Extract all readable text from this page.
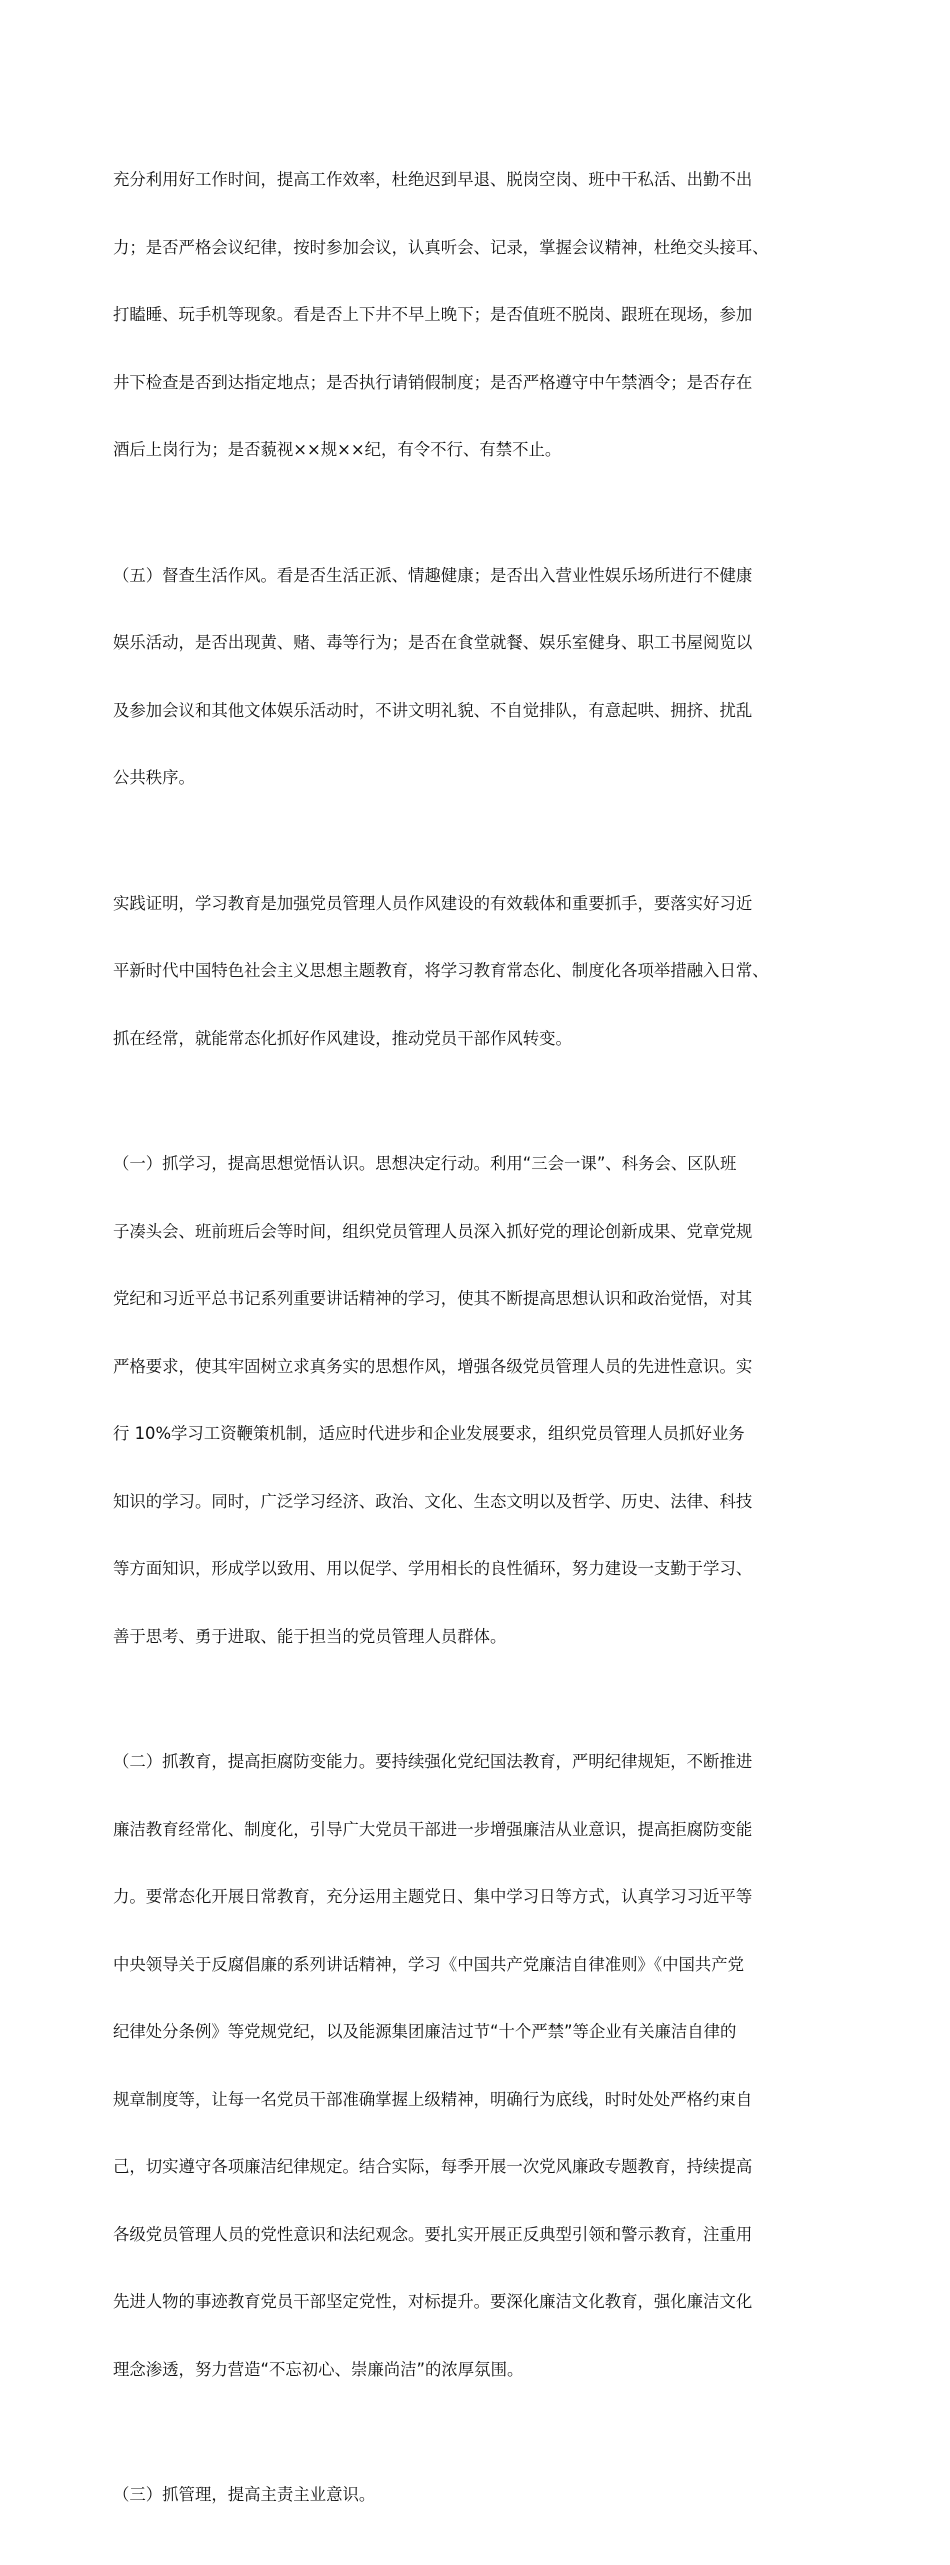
充分利用好工作时间，提高工作效率，杜绝迟到早退、脱岗空岗、班中干私活、出勤不出

力；是否严格会议纪律，按时参加会议，认真听会、记录，掌握会议精神，杜绝交头接耳、

打瞌睡、玩手机等现象。看是否上下井不早上晚下；是否值班不脱岗、跟班在现场，参加

井下检查是否到达指定地点；是否执行请销假制度；是否严格遵守中午禁酒令；是否存在

酒后上岗行为；是否藐视××规××纪，有令不行、有禁不止。

（五）督查生活作风。看是否生活正派、情趣健康；是否出入营业性娱乐场所进行不健康

娱乐活动，是否出现黄、赌、毒等行为；是否在食堂就餐、娱乐室健身、职工书屋阅览以

及参加会议和其他文体娱乐活动时，不讲文明礼貌、不自觉排队，有意起哄、拥挤、扰乱

公共秩序。

实践证明，学习教育是加强党员管理人员作风建设的有效载体和重要抓手，要落实好习近

平新时代中国特色社会主义思想主题教育，将学习教育常态化、制度化各项举措融入日常、

抓在经常，就能常态化抓好作风建设，推动党员干部作风转变。

（一）抓学习，提高思想觉悟认识。思想决定行动。利用“三会一课”、科务会、区队班

子凑头会、班前班后会等时间，组织党员管理人员深入抓好党的理论创新成果、党章党规

党纪和习近平总书记系列重要讲话精神的学习，使其不断提高思想认识和政治觉悟，对其

严格要求，使其牢固树立求真务实的思想作风，增强各级党员管理人员的先进性意识。实

行 10%学习工资鞭策机制，适应时代进步和企业发展要求，组织党员管理人员抓好业务

知识的学习。同时，广泛学习经济、政治、文化、生态文明以及哲学、历史、法律、科技

等方面知识，形成学以致用、用以促学、学用相长的良性循环，努力建设一支勤于学习、

善于思考、勇于进取、能于担当的党员管理人员群体。

（二）抓教育，提高拒腐防变能力。要持续强化党纪国法教育，严明纪律规矩，不断推进

廉洁教育经常化、制度化，引导广大党员干部进一步增强廉洁从业意识，提高拒腐防变能

力。要常态化开展日常教育，充分运用主题党日、集中学习日等方式，认真学习习近平等

中央领导关于反腐倡廉的系列讲话精神，学习《中国共产党廉洁自律准则》《中国共产党

纪律处分条例》等党规党纪，以及能源集团廉洁过节“十个严禁”等企业有关廉洁自律的

规章制度等，让每一名党员干部准确掌握上级精神，明确行为底线，时时处处严格约束自

己，切实遵守各项廉洁纪律规定。结合实际，每季开展一次党风廉政专题教育，持续提高

各级党员管理人员的党性意识和法纪观念。要扎实开展正反典型引领和警示教育，注重用

先进人物的事迹教育党员干部坚定党性，对标提升。要深化廉洁文化教育，强化廉洁文化

理念渗透，努力营造“不忘初心、崇廉尚洁”的浓厚氛围。

（三）抓管理，提高主责主业意识。
